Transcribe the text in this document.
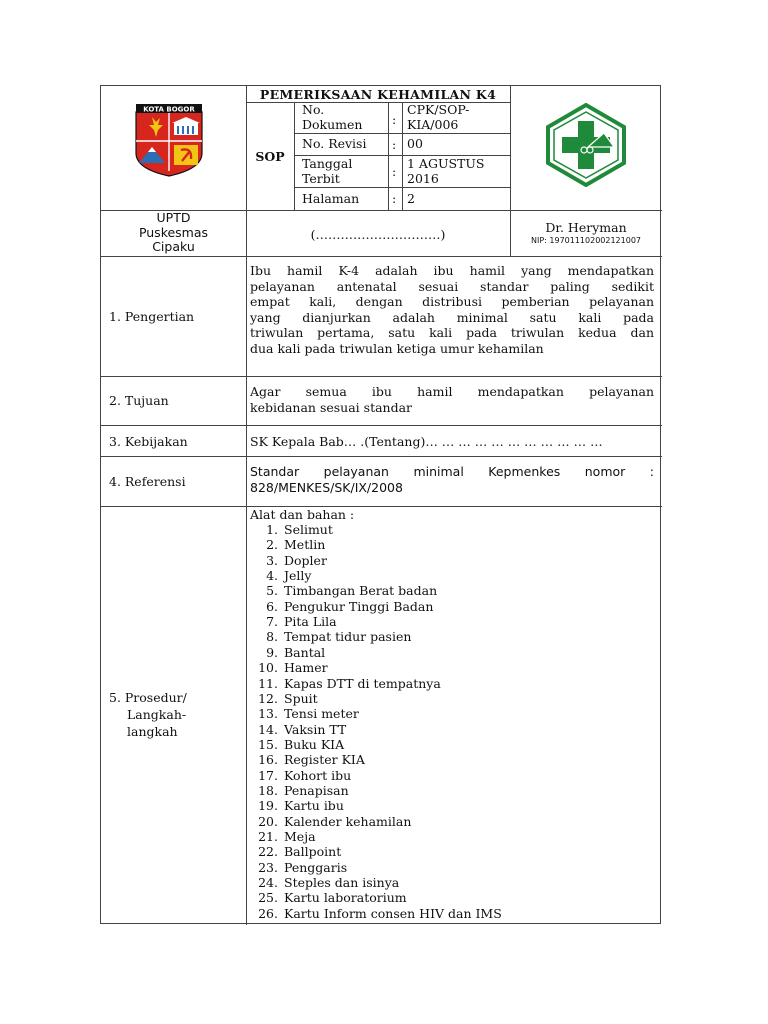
KOTA BOGOR
PEMERIKSAAN KEHAMILAN K4
SOP
No.
Dokumen
No. Revisi
Tanggal
Terbit
Halaman
:
:
:
:
CPK/SOP-
KIA/006
00
1 AGUSTUS
2016
2
UPTD
Puskesmas
Cipaku
(…………………………)	Dr. Heryman
NIP: 197011102002121007
1. Pengertian
Ibu hamil K-4 adalah ibu hamil yang mendapatkan
pelayanan antenatal sesuai standar paling sedikit
empat kali, dengan distribusi pemberian pelayanan
yang dianjurkan adalah minimal satu kali pada
triwulan pertama, satu kali pada triwulan kedua dan
dua kali pada triwulan ketiga umur kehamilan
2. Tujuan
Agar semua ibu hamil mendapatkan pelayanan
kebidanan sesuai standar
3. Kebijakan	SK Kepala Bab… .(Tentang)… … … … … … … … … … …
4. Referensi
Standar pelayanan minimal Kepmenkes nomor :
828/MENKES/SK/IX/2008
5. Prosedur/
Langkah-
langkah
Alat dan bahan :
1. Selimut
2. Metlin
3. Dopler
4. Jelly
5. Timbangan Berat badan
6. Pengukur Tinggi Badan
7. Pita Lila
8. Tempat tidur pasien
9. Bantal
10. Hamer
11. Kapas DTT di tempatnya
12. Spuit
13. Tensi meter
14. Vaksin TT
15. Buku KIA
16. Register KIA
17. Kohort ibu
18. Penapisan
19. Kartu ibu
20. Kalender kehamilan
21. Meja
22. Ballpoint
23. Penggaris
24. Steples dan isinya
25. Kartu laboratorium
26. Kartu Inform consen HIV dan IMS
